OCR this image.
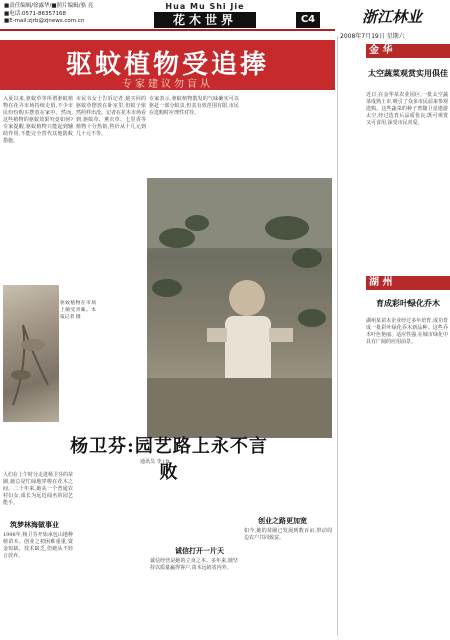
■责任编辑/徐露华/■照片编辑/骆 亮
■电话:0571-86357168
■E-mail:zjrb@zjnews.com.cn
Hua Mu Shi Jie
花木世界	C4	浙江林业
2008年7月19日 星期六
驱蚊植物受追捧
专家建议勿盲从
入夏以来,驱蚊草等所谓驱蚊植物在花卉市场持续走俏,不少市民纷纷购买摆放在家中。然而,这些植物的驱蚊效果究竟如何?专家提醒,驱蚊植物只能起到辅助作用,不能完全替代其他防蚊措施。
市民韦女士告诉记者,她买回的驱蚊草摆放在卧室里,但蚊子依然照样出没。记者在花木市场看到,驱蚊草、薰衣草、七里香等植物十分热销,售价从十几元到几十元不等。
专家表示,驱蚊植物散发的气味确实可以驱赶一部分蚊虫,但其有效范围有限,市民在选购时应理性对待。
驱蚊植物在市场上颇受青睐。本报记者 摄
杨卫芬:园艺路上永不言败
通讯员 李 j b
人们在上午时分走进杨卫芬的苗圃,她总是忙碌地穿梭在花木之间。二十年来,她从一个普通农村妇女,成长为远近闻名的园艺能手。
筑梦林海做事业
1998年,杨卫芬开始承包山地种植苗木。创业之初困难重重,资金短缺、技术缺乏,但她从不轻言放弃。
诚信打开一片天
诚信经营是她的立身之本。多年来,她坚持以质量赢得客户,苗木远销省内外。
创业之路更加宽
如今,她的苗圃已发展到数百亩,带动周边农户共同致富。
金 华
太空蔬菜观赏实用俱佳
近日,在金华某农业园区,一批太空蔬菜成熟上市,吸引了众多市民前来参观选购。这些蔬菜的种子曾随卫星遨游太空,经过选育后品质优良,既可观赏又可食用,深受市民喜爱。
湖 州
育成彩叶绿化乔木
湖州某苗木企业经过多年培育,成功育成一批彩叶绿化乔木新品种。这些乔木叶色艳丽、适应性强,在城市绿化中具有广阔的应用前景。
